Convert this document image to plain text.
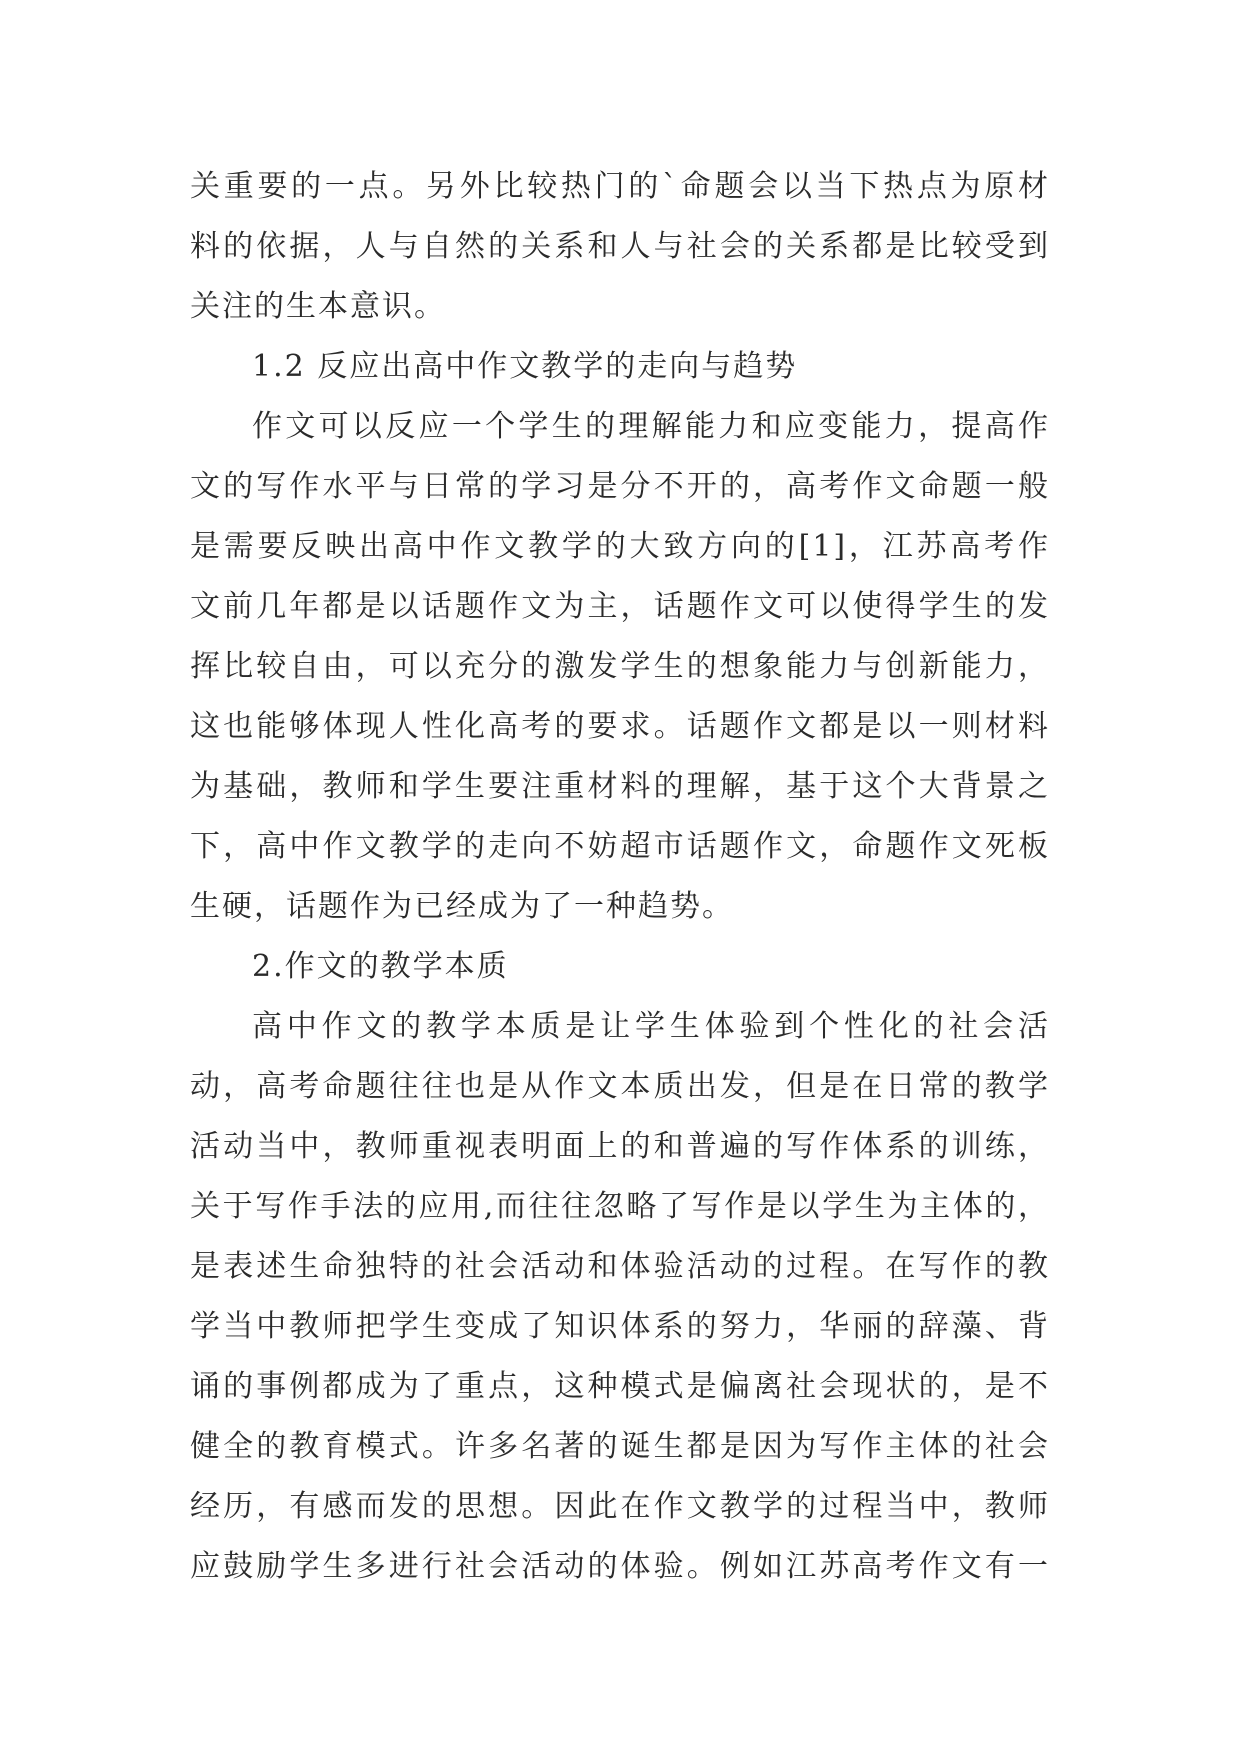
关重要的一点。另外比较热门的`命题会以当下热点为原材
料的依据，人与自然的关系和人与社会的关系都是比较受到
关注的生本意识。
1.2 反应出高中作文教学的走向与趋势
作文可以反应一个学生的理解能力和应变能力，提高作
文的写作水平与日常的学习是分不开的，高考作文命题一般
是需要反映出高中作文教学的大致方向的[1]，江苏高考作
文前几年都是以话题作文为主，话题作文可以使得学生的发
挥比较自由，可以充分的激发学生的想象能力与创新能力，
这也能够体现人性化高考的要求。话题作文都是以一则材料
为基础，教师和学生要注重材料的理解，基于这个大背景之
下，高中作文教学的走向不妨超市话题作文，命题作文死板
生硬，话题作为已经成为了一种趋势。
2.作文的教学本质
高中作文的教学本质是让学生体验到个性化的社会活
动，高考命题往往也是从作文本质出发，但是在日常的教学
活动当中，教师重视表明面上的和普遍的写作体系的训练，
关于写作手法的应用,而往往忽略了写作是以学生为主体的，
是表述生命独特的社会活动和体验活动的过程。在写作的教
学当中教师把学生变成了知识体系的努力，华丽的辞藻、背
诵的事例都成为了重点，这种模式是偏离社会现状的，是不
健全的教育模式。许多名著的诞生都是因为写作主体的社会
经历，有感而发的思想。因此在作文教学的过程当中，教师
应鼓励学生多进行社会活动的体验。例如江苏高考作文有一
